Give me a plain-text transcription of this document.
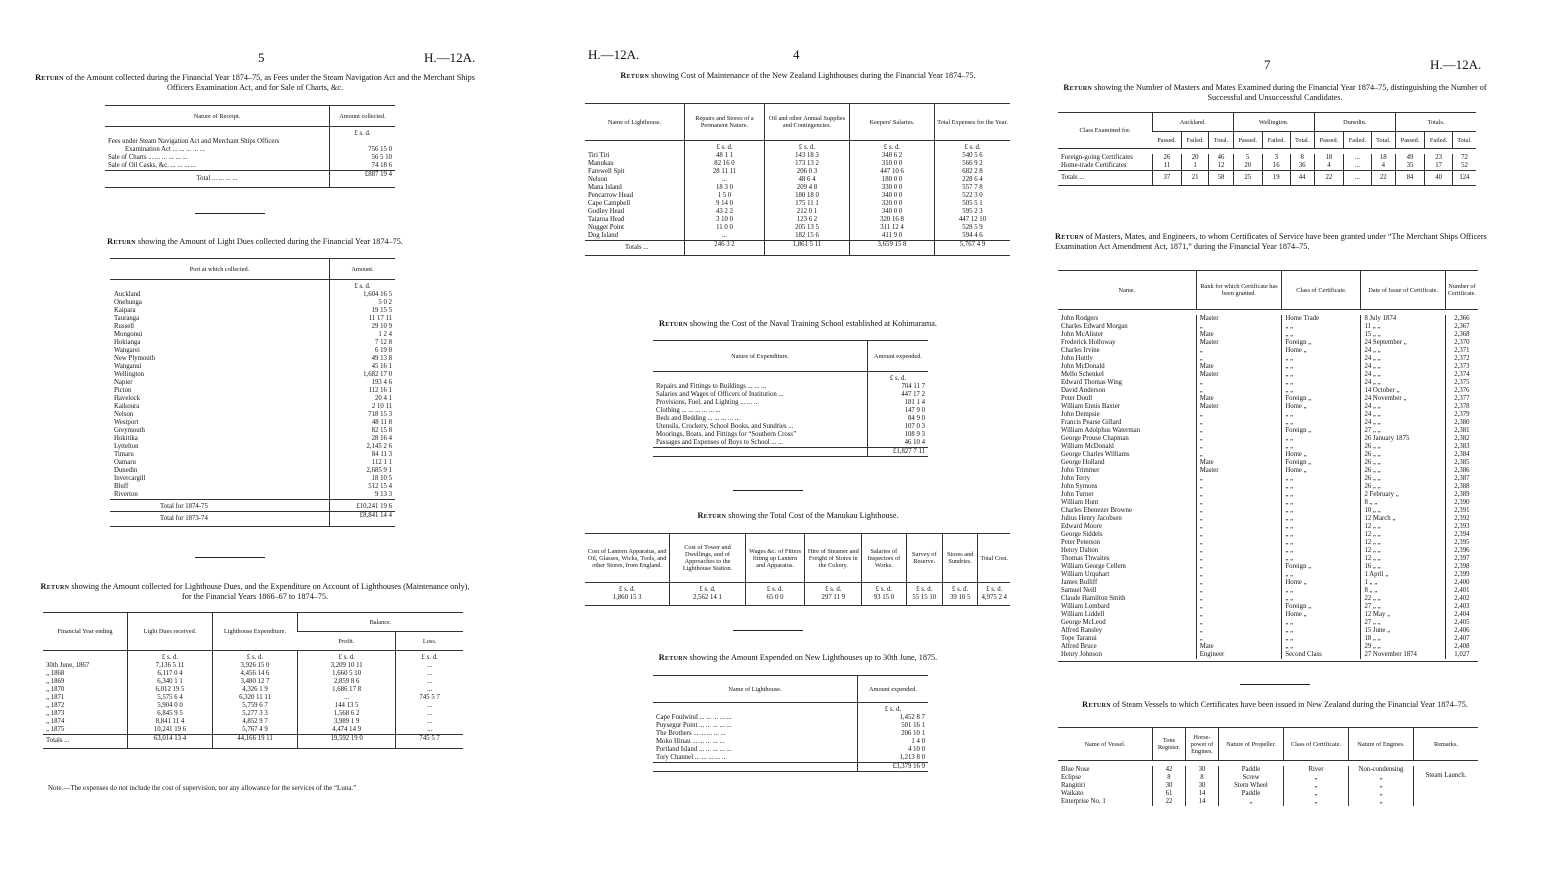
5	H.—12A.
Return of the Amount collected during the Financial Year 1874–75, as Fees under the Steam Navigation Act and the Merchant Ships Officers Examination Act, and for Sale of Charts, &c.
Nature of Receipt.	Amount collected.
	£ s. d.
Fees under Steam Navigation Act and Merchant Ships Officers	
Examination Act ... ... ... ... ...	756 15 0
Sale of Charts ... ... ... ... ... ...	56 5 10
Sale of Oil Casks, &c. ... ... ... ...	74 18 6
Total ... ... ... ...	£887 19 4
Return showing the Amount of Light Dues collected during the Financial Year 1874–75.
Port at which collected.	Amount.
	£ s. d.
Auckland	1,604 16 5
Onehunga	5 0 2
Kaipara	19 15 5
Tauranga	11 17 11
Russell	29 10 9
Mongonui	1 2 4
Hokianga	7 12 8
Wangarei	6 19 8
New Plymouth	49 13 8
Wanganui	45 16 1
Wellington	1,682 17 0
Napier	193 4 6
Picton	112 16 1
Havelock	20 4 1
Kaikoura	2 10 11
Nelson	718 15 3
Westport	48 11 8
Greymouth	82 15 8
Hokitika	28 16 4
Lyttelton	2,145 2 6
Timaru	84 11 3
Oamaru	112 1 1
Dunedin	2,685 9 1
Invercargill	18 10 5
Bluff	512 15 4
Riverton	9 13 3
Total for 1874-75	£10,241 19 6
Total for 1873-74	£8,841 14 4
Return showing the Amount collected for Lighthouse Dues, and the Expenditure on Account of Lighthouses (Maintenance only), for the Financial Years 1866–67 to 1874–75.
Financial Year ending	Light Dues received.	Lighthouse Expenditure.	Balance.	
			Profit.	Loss.
	£ s. d.	£ s. d.	£ s. d.	£ s. d.
30th June, 1867	7,136 5 11	3,926 15 0	3,209 10 11	...
„ 1868	6,117 0 4	4,456 14 6	1,660 5 10	...
„ 1869	6,340 1 1	3,480 12 7	2,859 8 6	...
„ 1870	6,012 19 5	4,326 1 9	1,686 17 8	...
„ 1871	5,575 6 4	6,320 11 11	...	745 5 7
„ 1872	5,904 0 0	5,759 6 7	144 13 5	...
„ 1873	6,845 9 5	5,277 3 3	1,568 6 2	...
„ 1874	8,841 11 4	4,852 9 7	3,989 1 9	...
„ 1875	10,241 19 6	5,767 4 9	4,474 14 9	...
Totals ...	63,014 13 4	44,166 19 11	19,592 19 0	745 5 7
Note.—The expenses do not include the cost of supervision, nor any allowance for the services of the “Luna.”
H.—12A.	4
Return showing Cost of Maintenance of the New Zealand Lighthouses during the Financial Year 1874–75.
Name of Lighthouse.	Repairs and Stores of a Permanent Nature.	Oil and other Annual Supplies and Contingencies.	Keepers' Salaries.	Total Expenses for the Year.
	£ s. d.	£ s. d.	£ s. d.	£ s. d.
Tiri Tiri	48 1 1	143 18 3	348 6 2	540 5 6
Manukau	82 16 0	173 13 2	310 0 0	566 9 2
Farewell Spit	28 11 11	206 0 3	447 10 6	682 2 8
Nelson	...	48 6 4	180 0 0	228 6 4
Mana Island	18 3 0	209 4 8	330 0 0	557 7 8
Pencarrow Head	1 5 0	180 18 0	340 0 0	522 3 0
Cape Campbell	9 14 0	175 11 1	320 0 0	505 5 1
Godley Head	43 2 2	212 0 1	340 0 0	595 2 3
Taiaroa Head	3 10 0	123 6 2	320 16 8	447 12 10
Nugget Point	11 0 0	205 13 5	311 12 4	528 5 9
Dog Island	...	182 15 6	411 9 0	594 4 6
Totals ...	246 3 2	1,861 5 11	3,659 15 8	5,767 4 9
Return showing the Cost of the Naval Training School established at Kohimarama.
Nature of Expenditure.	Amount expended.
	£ s. d.
Repairs and Fittings to Buildings ... ... ...	704 11 7
Salaries and Wages of Officers of Institution ...	447 17 2
Provisions, Fuel, and Lighting ... ... ...	181 1 4
Clothing ... ... ... ... ... ...	147 9 0
Beds and Bedding ... ... ... ... ...	84 9 0
Utensils, Crockery, School Books, and Sundries ...	107 0 3
Moorings, Boats, and Fittings for “Southern Cross”	108 9 3
Passages and Expenses of Boys to School ... ...	46 10 4
	£1,827 7 11
Return showing the Total Cost of the Manukau Lighthouse.
Cost of Lantern Apparatus, and Oil, Glasses, Wicks, Tools, and other Stores, from England.	Cost of Tower and Dwellings, and of Approaches to the Lighthouse Station.	Wages &c. of Fitters fitting up Lantern and Apparatus.	Hire of Steamer and Freight of Stores in the Colony.	Salaries of Inspectors of Works.	Survey of Reserve.	Stores and Sundries.	Total Cost.
£ s. d.	£ s. d.	£ s. d.	£ s. d.	£ s. d.	£ s. d.	£ s. d.	£ s. d.
1,860 15 3	2,562 14 1	65 0 0	297 11 9	93 15 0	55 15 10	39 10 5	4,975 2 4
Return showing the Amount Expended on New Lighthouses up to 30th June, 1875.
Name of Lighthouse.	Amount expended.
	£ s. d.
Cape Foulwind ... ... ... ... ...	1,452 8 7
Puysegur Point ... ... ... ... ...	501 16 1
The Brothers ... ... ... ... ...	206 10 1
Moko Hinau ... ... ... ... ...	1 4 0
Portland Island ... ... ... ... ...	4 10 0
Tory Channel ... ... ... ... ...	1,213 8 0
	£3,379 16 9
7	H.—12A.
Return showing the Number of Masters and Mates Examined during the Financial Year 1874–75, distinguishing the Number of Successful and Unsuccessful Candidates.
Class Examined for.	Auckland.			Wellington.			Dunedin.			Totals.		
	Passed.	Failed.	Total.	Passed.	Failed.	Total.	Passed.	Failed.	Total.	Passed.	Failed.	Total.

Foreign-going Certificates	26	20	46	5	3	8	18	...	18	49	23	72
Home-trade Certificates	11	1	12	20	16	36	4	...	4	35	17	52
Totals ...	37	21	58	25	19	44	22	...	22	84	40	124
Return of Masters, Mates, and Engineers, to whom Certificates of Service have been granted under “The Merchant Ships Officers Examination Act Amendment Act, 1871,” during the Financial Year 1874–75.
Name.	Rank for which Certificate has been granted.	Class of Certificate.	Date of Issue of Certificate.	Number of Certificate.

John Rodgers	Master	Home Trade	8 July 1874	2,366
Charles Edward Morgan	„	„ „	11 „ „	2,367
John McAlister	Mate	„ „	15 „ „	2,368
Frederick Holloway	Master	Foreign „	24 September „	2,370
Charles Irvine	„	Home „	24 „ „	2,371
John Huttly	„	„ „	24 „ „	2,372
John McDonald	Mate	„ „	24 „ „	2,373
Mello Schenkel	Master	„ „	24 „ „	2,374
Edward Thomas Wing	„	„ „	24 „ „	2,375
David Anderson	„	„ „	14 October „	2,376
Peter Doull	Mate	Foreign „	24 November „	2,377
William Ennis Baxter	Master	Home „	24 „ „	2,378
John Dempsie	„	„ „	24 „ „	2,379
Francis Pearse Gillard	„	„ „	24 „ „	2,380
William Adolphus Waterman	„	Foreign „	27 „ „	2,381
George Prouse Chapman	„	„ „	26 January 1875	2,382
William McDonald	„	„ „	26 „ „	2,383
George Charles Williams	„	Home „	26 „ „	2,384
George Holland	Mate	Foreign „	26 „ „	2,385
John Trimmer	Master	Home „	26 „ „	2,386
John Terry	„	„ „	26 „ „	2,387
John Symons	„	„ „	26 „ „	2,388
John Turner	„	„ „	2 February „	2,389
William Hunt	„	„ „	8 „ „	2,390
Charles Ebenezer Browne	„	„ „	10 „ „	2,391
Julius Henry Jacobsen	„	„ „	12 March „	2,392
Edward Moore	„	„ „	12 „ „	2,393
George Siddels	„	„ „	12 „ „	2,394
Peter Peterson	„	„ „	12 „ „	2,395
Henry Dalton	„	„ „	12 „ „	2,396
Thomas Thwaites	„	„ „	12 „ „	2,397
William George Cellem	„	Foreign „	16 „ „	2,398
William Urquhart	„	„ „	1 April „	2,399
James Bulliff	„	Home „	1 „ „	2,400
Samuel Neill	„	„ „	8 „ „	2,401
Claude Hamilton Smith	„	„ „	22 „ „	2,402
William Lombard	„	Foreign „	27 „ „	2,403
William Liddell	„	Home „	12 May „	2,404
George McLeod	„	„ „	27 „ „	2,405
Alfred Ransley	„	„ „	15 June „	2,406
Tope Taranui	„	„ „	18 „ „	2,407
Alfred Bruce	Mate	„ „	29 „ „	2,408
Henry Johnson	Engineer	Second Class	27 November 1874	1,027

Return of Steam Vessels to which Certificates have been issued in New Zealand during the Financial Year 1874–75.
Name of Vessel.	Tons Register.	Horse-power of Engines.	Nature of Propeller.	Class of Certificate.	Nature of Engines.	Remarks.

Blue Nose	42	30	Paddle	River	Non-condensing	Steam Launch.
Eclipse	8	8	Screw	„	„	
Rangitiri	30	30	Stern Wheel	„	„	
Waikato	61	14	Paddle	„	„	
Enterprise No. 1	22	14	„	„	„	
